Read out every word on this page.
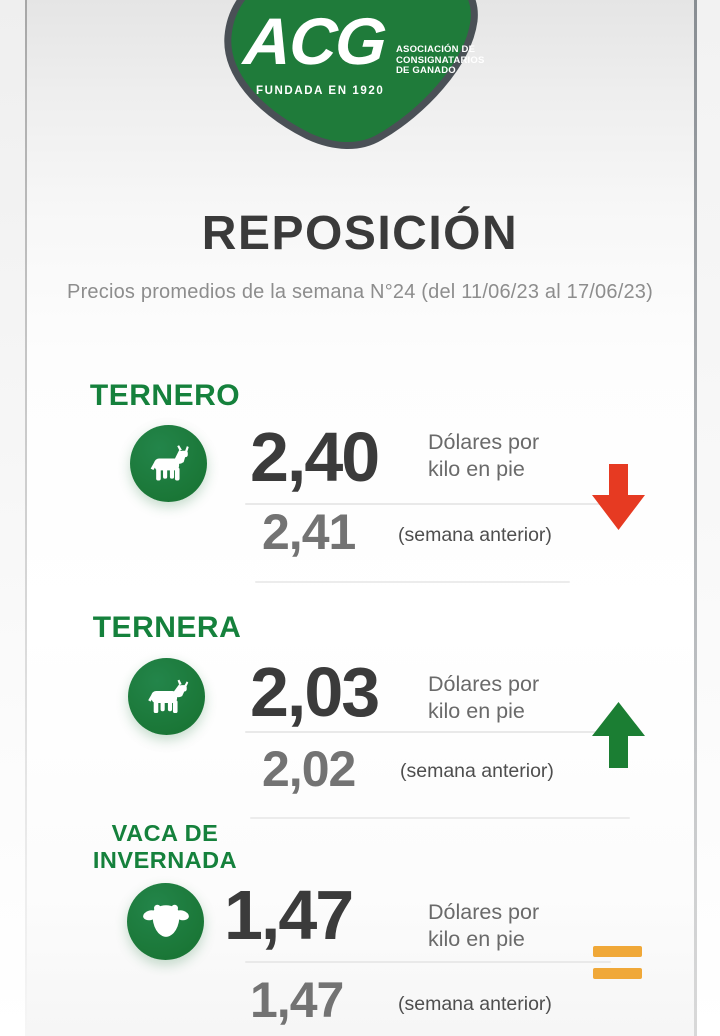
ACG ASOCIACIÓN DE
CONSIGNATARIOS
DE GANADO
FUNDADA EN 1920
REPOSICIÓN
Precios promedios de la semana N°24 (del 11/06/23 al 17/06/23)
TERNERO
2,40 Dólares por
kilo en pie
2,41 (semana anterior)
TERNERA
2,03 Dólares por
kilo en pie
2,02 (semana anterior)
VACA DE
INVERNADA
1,47	Dólares por
kilo en pie
1,47	(semana anterior)
